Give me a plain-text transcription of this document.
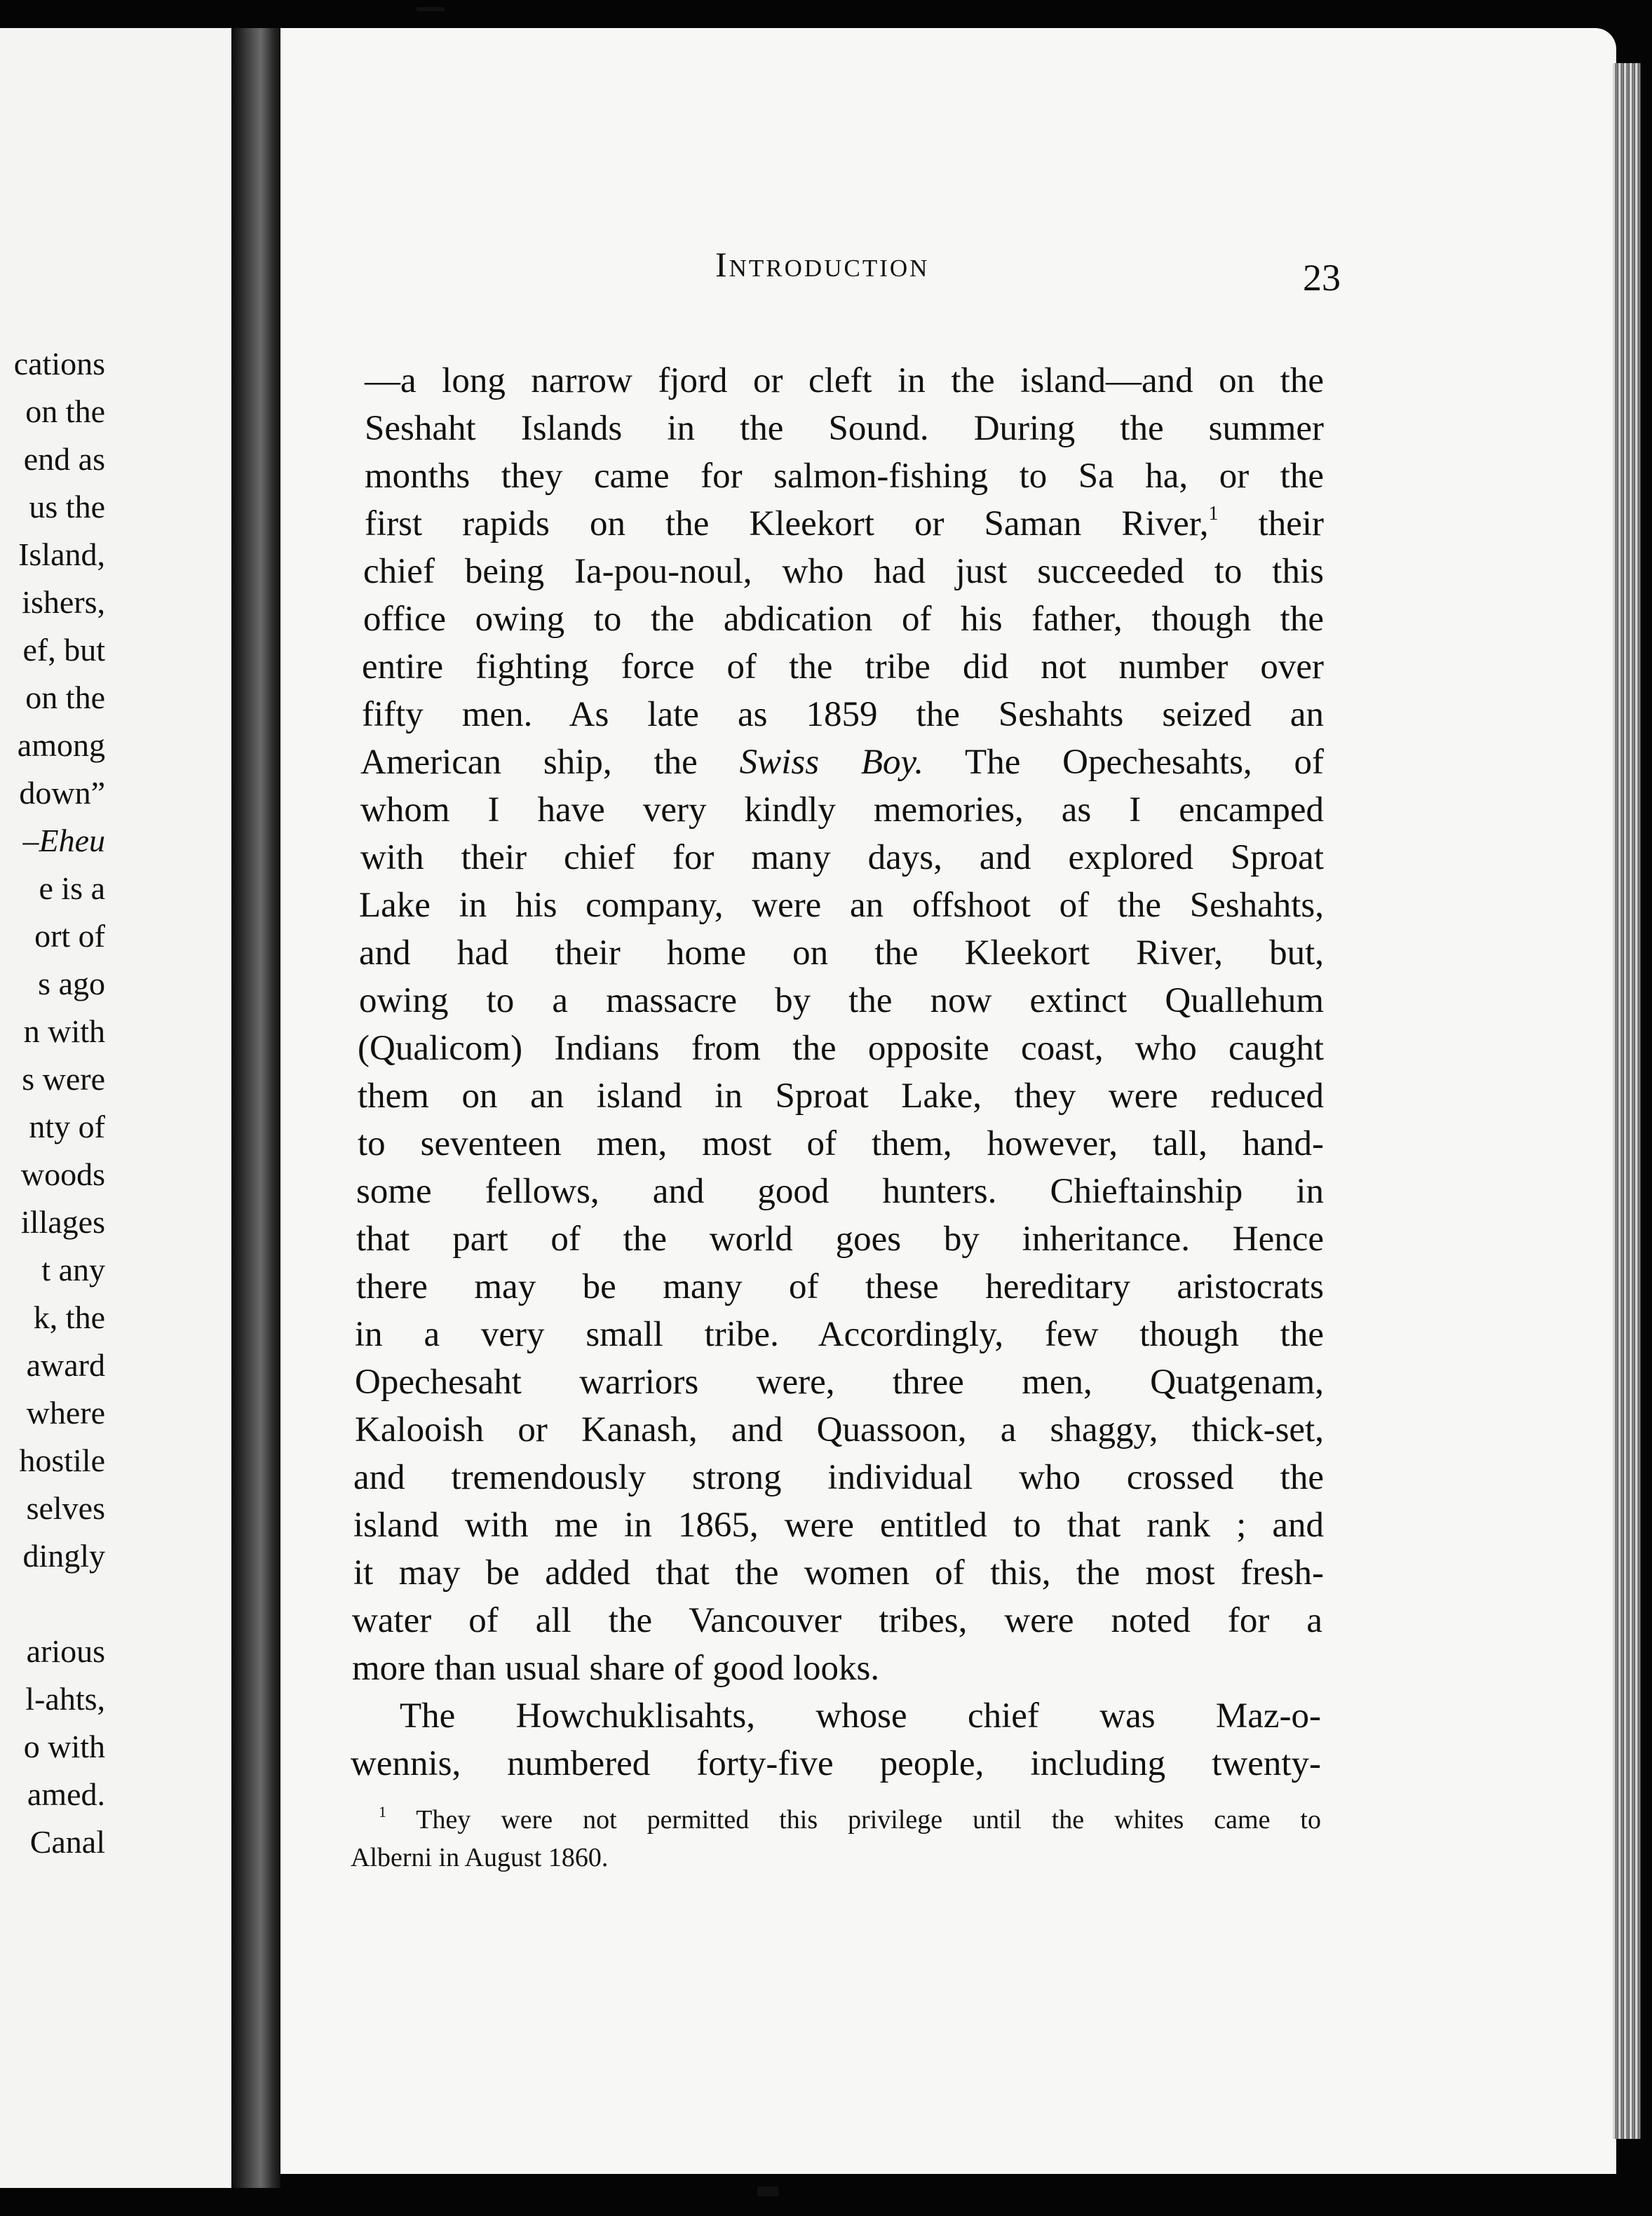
cations
on the
end as
us the
Island,
ishers,
ef, but
on the
among
down”
–Eheu
e is a
ort of
s ago
n with
s were
nty of
woods
illages
t any
k, the
award
where
hostile
selves
dingly
arious
l-ahts,
o with
amed.
Canal
Introduction	23
—a long narrow fjord or cleft in the island—and on the
Seshaht Islands in the Sound. During the summer
months they came for salmon-fishing to Sa ha, or the
first rapids on the Kleekort or Saman River,$^1$ their
chief being Ia-pou-noul, who had just succeeded to this
office owing to the abdication of his father, though the
entire fighting force of the tribe did not number over
fifty men. As late as 1859 the Seshahts seized an
American ship, the Swiss Boy. The Opechesahts, of
whom I have very kindly memories, as I encamped
with their chief for many days, and explored Sproat
Lake in his company, were an offshoot of the Seshahts,
and had their home on the Kleekort River, but,
owing to a massacre by the now extinct Quallehum
(Qualicom) Indians from the opposite coast, who caught
them on an island in Sproat Lake, they were reduced
to seventeen men, most of them, however, tall, hand-
some fellows, and good hunters. Chieftainship in
that part of the world goes by inheritance. Hence
there may be many of these hereditary aristocrats
in a very small tribe. Accordingly, few though the
Opechesaht warriors were, three men, Quatgenam,
Kalooish or Kanash, and Quassoon, a shaggy, thick-set,
and tremendously strong individual who crossed the
island with me in 1865, were entitled to that rank ; and
it may be added that the women of this, the most fresh-
water of all the Vancouver tribes, were noted for a
more than usual share of good looks.
The Howchuklisahts, whose chief was Maz-o-
wennis, numbered forty-five people, including twenty-
$^1$ They were not permitted this privilege until the whites came to
Alberni in August 1860.
